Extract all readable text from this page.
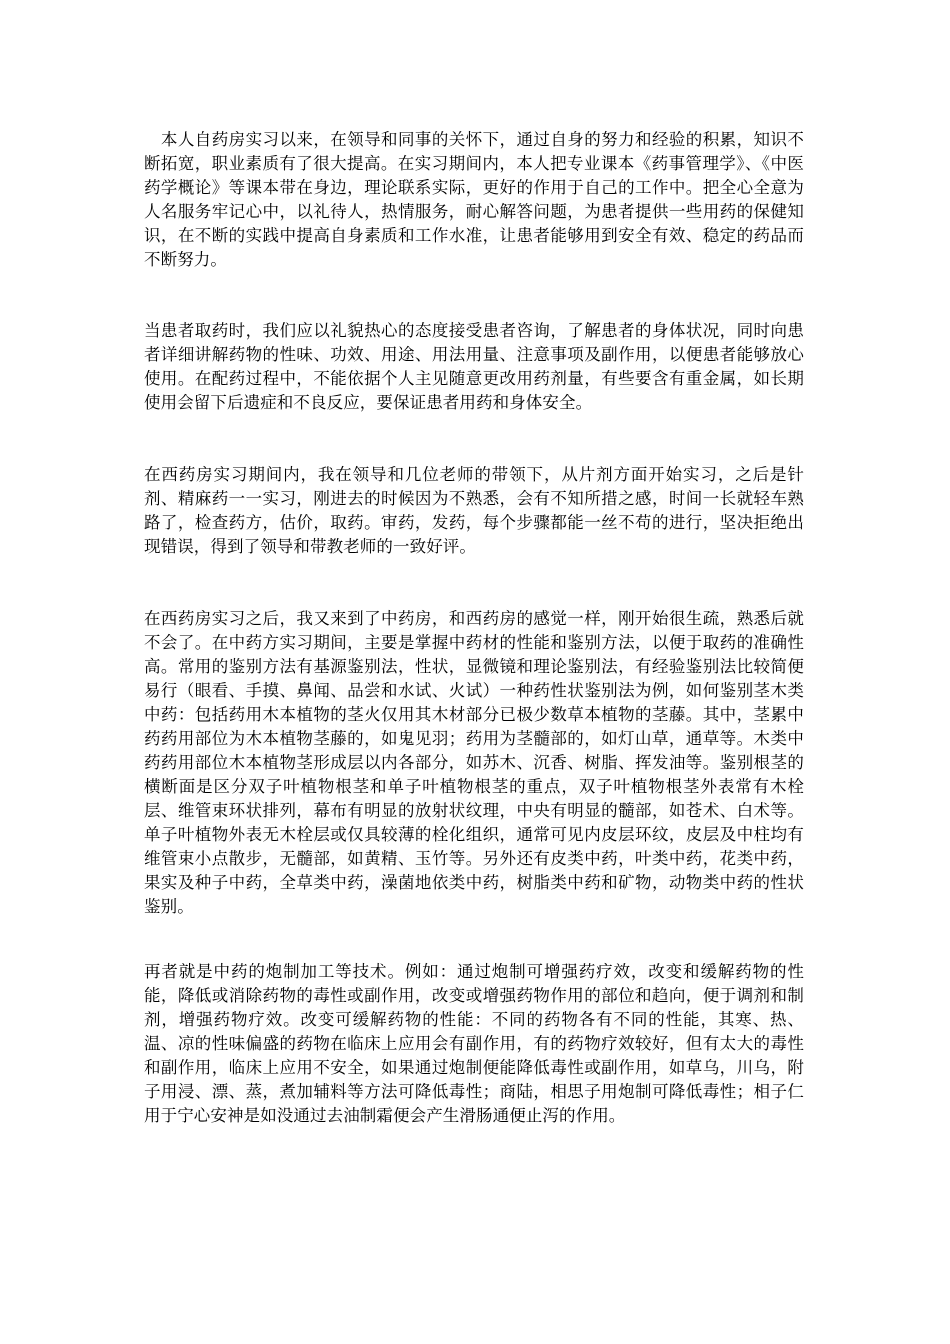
　本人自药房实习以来，在领导和同事的关怀下，通过自身的努力和经验的积累，知识不断拓宽，职业素质有了很大提高。在实习期间内，本人把专业课本《药事管理学》、《中医药学概论》等课本带在身边，理论联系实际，更好的作用于自己的工作中。把全心全意为人名服务牢记心中，以礼待人，热情服务，耐心解答问题，为患者提供一些用药的保健知识，在不断的实践中提高自身素质和工作水准，让患者能够用到安全有效、稳定的药品而不断努力。

当患者取药时，我们应以礼貌热心的态度接受患者咨询，了解患者的身体状况，同时向患者详细讲解药物的性味、功效、用途、用法用量、注意事项及副作用，以便患者能够放心使用。在配药过程中，不能依据个人主见随意更改用药剂量，有些要含有重金属，如长期使用会留下后遗症和不良反应，要保证患者用药和身体安全。

在西药房实习期间内，我在领导和几位老师的带领下，从片剂方面开始实习，之后是针剂、精麻药一一实习，刚进去的时候因为不熟悉，会有不知所措之感，时间一长就轻车熟路了，检查药方，估价，取药。审药，发药，每个步骤都能一丝不苟的进行，坚决拒绝出现错误，得到了领导和带教老师的一致好评。

在西药房实习之后，我又来到了中药房，和西药房的感觉一样，刚开始很生疏，熟悉后就不会了。在中药方实习期间，主要是掌握中药材的性能和鉴别方法，以便于取药的准确性高。常用的鉴别方法有基源鉴别法，性状，显微镜和理论鉴别法，有经验鉴别法比较简便易行（眼看、手摸、鼻闻、品尝和水试、火试）一种药性状鉴别法为例，如何鉴别茎木类中药：包括药用木本植物的茎火仅用其木材部分已极少数草本植物的茎藤。其中，茎累中药药用部位为木本植物茎藤的，如鬼见羽；药用为茎髓部的，如灯山草，通草等。木类中药药用部位木本植物茎形成层以内各部分，如苏木、沉香、树脂、挥发油等。鉴别根茎的横断面是区分双子叶植物根茎和单子叶植物根茎的重点，双子叶植物根茎外表常有木栓层、维管束环状排列，幕布有明显的放射状纹理，中央有明显的髓部，如苍术、白术等。单子叶植物外表无木栓层或仅具较薄的栓化组织，通常可见内皮层环纹，皮层及中柱均有维管束小点散步，无髓部，如黄精、玉竹等。另外还有皮类中药，叶类中药，花类中药，果实及种子中药，全草类中药，澡菌地依类中药，树脂类中药和矿物，动物类中药的性状鉴别。

再者就是中药的炮制加工等技术。例如：通过炮制可增强药疗效，改变和缓解药物的性能，降低或消除药物的毒性或副作用，改变或增强药物作用的部位和趋向，便于调剂和制剂，增强药物疗效。改变可缓解药物的性能：不同的药物各有不同的性能，其寒、热、温、凉的性味偏盛的药物在临床上应用会有副作用，有的药物疗效较好，但有太大的毒性和副作用，临床上应用不安全，如果通过炮制便能降低毒性或副作用，如草乌，川乌，附子用浸、漂、蒸，煮加辅料等方法可降低毒性；商陆，相思子用炮制可降低毒性；相子仁用于宁心安神是如没通过去油制霜便会产生滑肠通便止泻的作用。
